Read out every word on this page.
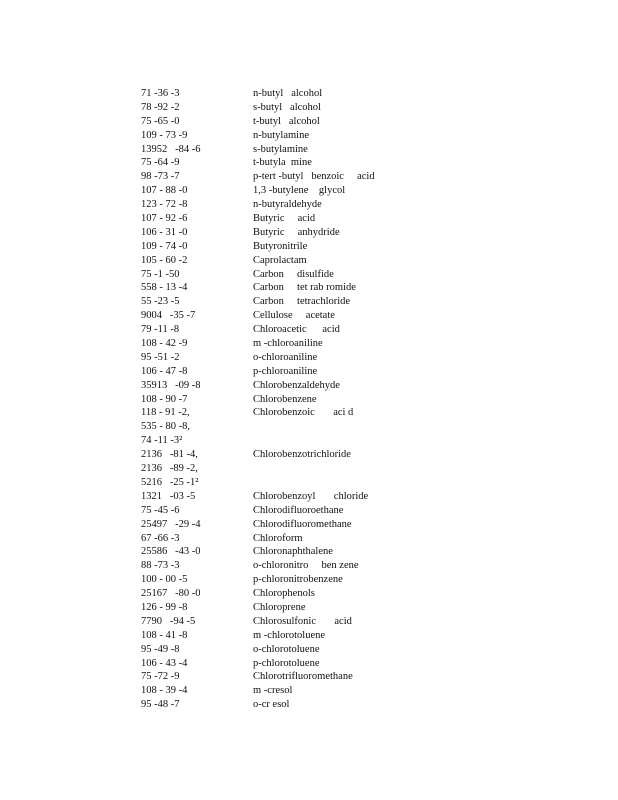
71 -36 -3	n-butyl   alcohol
78 -92 -2	s-butyl   alcohol
75 -65 -0	t-butyl   alcohol
109 - 73 -9	n-butylamine
13952   -84 -6	s-butylamine
75 -64 -9	t-butyla  mine
98 -73 -7	p-tert -butyl   benzoic     acid
107 - 88 -0	1,3 -butylene    glycol
123 - 72 -8	n-butyraldehyde
107 - 92 -6	Butyric     acid
106 - 31 -0	Butyric     anhydride
109 - 74 -0	Butyronitrile
105 - 60 -2	Caprolactam
75 -1 -50	Carbon     disulfide
558 - 13 -4	Carbon     tet rab romide
55 -23 -5	Carbon     tetrachloride
9004   -35 -7	Cellulose     acetate
79 -11 -8	Chloroacetic      acid
108 - 42 -9	m -chloroaniline
95 -51 -2	o-chloroaniline
106 - 47 -8	p-chloroaniline
35913   -09 -8	Chlorobenzaldehyde
108 - 90 -7	Chlorobenzene
118 - 91 -2,	Chlorobenzoic       aci d
535 - 80 -8,
74 -11 -3²
2136   -81 -4,	Chlorobenzotrichloride
2136   -89 -2,
5216   -25 -1²
1321   -03 -5	Chlorobenzoyl       chloride
75 -45 -6	Chlorodifluoroethane
25497   -29 -4	Chlorodifluoromethane
67 -66 -3	Chloroform
25586   -43 -0	Chloronaphthalene
88 -73 -3	o-chloronitro     ben zene
100 - 00 -5	p-chloronitrobenzene
25167   -80 -0	Chlorophenols
126 - 99 -8	Chloroprene
7790   -94 -5	Chlorosulfonic       acid
108 - 41 -8	m -chlorotoluene
95 -49 -8	o-chlorotoluene
106 - 43 -4	p-chlorotoluene
75 -72 -9	Chlorotrifluoromethane
108 - 39 -4	m -cresol
95 -48 -7	o-cr esol
